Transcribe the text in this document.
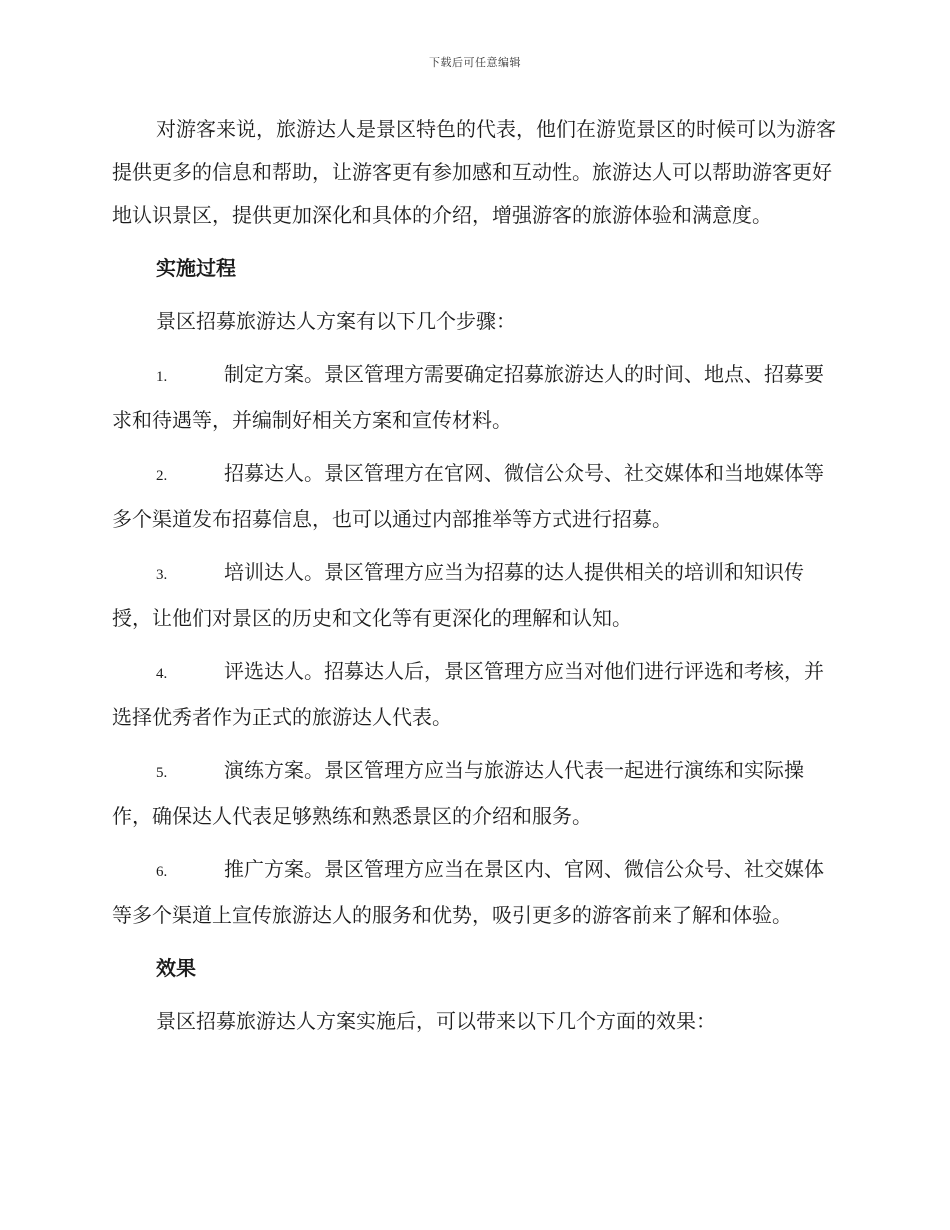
下载后可任意编辑

对游客来说，旅游达人是景区特色的代表，他们在游览景区的时候可以为游客提供更多的信息和帮助，让游客更有参加感和互动性。旅游达人可以帮助游客更好地认识景区，提供更加深化和具体的介绍，增强游客的旅游体验和满意度。

实施过程

景区招募旅游达人方案有以下几个步骤：

1.	制定方案。景区管理方需要确定招募旅游达人的时间、地点、招募要求和待遇等，并编制好相关方案和宣传材料。

2.	招募达人。景区管理方在官网、微信公众号、社交媒体和当地媒体等多个渠道发布招募信息，也可以通过内部推举等方式进行招募。

3.	培训达人。景区管理方应当为招募的达人提供相关的培训和知识传授，让他们对景区的历史和文化等有更深化的理解和认知。

4.	评选达人。招募达人后，景区管理方应当对他们进行评选和考核，并选择优秀者作为正式的旅游达人代表。

5.	演练方案。景区管理方应当与旅游达人代表一起进行演练和实际操作，确保达人代表足够熟练和熟悉景区的介绍和服务。

6.	推广方案。景区管理方应当在景区内、官网、微信公众号、社交媒体等多个渠道上宣传旅游达人的服务和优势，吸引更多的游客前来了解和体验。

效果

景区招募旅游达人方案实施后，可以带来以下几个方面的效果：
